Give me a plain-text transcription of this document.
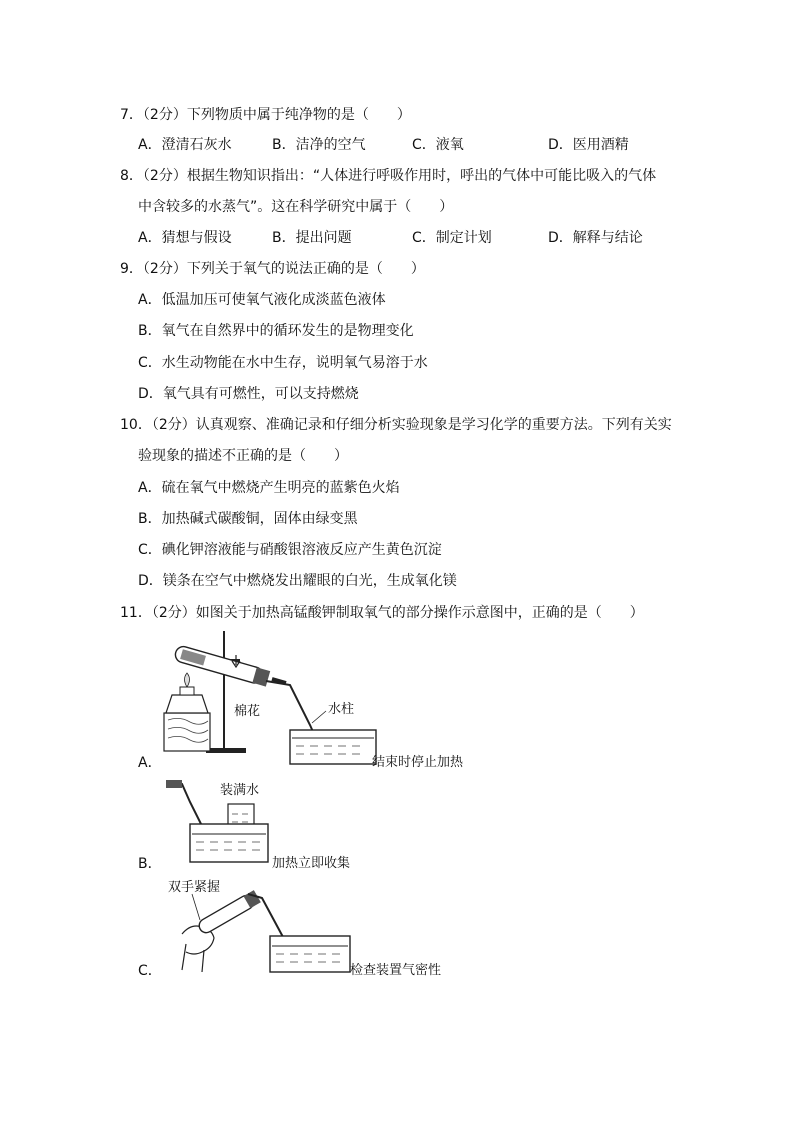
7．（2分）下列物质中属于纯净物的是（　　）
A．澄清石灰水	B．洁净的空气	C．液氧	D．医用酒精
8．（2分）根据生物知识指出：“人体进行呼吸作用时，呼出的气体中可能比吸入的气体
中含较多的水蒸气”。这在科学研究中属于（　　）
A．猜想与假设	B．提出问题	C．制定计划	D．解释与结论
9．（2分）下列关于氧气的说法正确的是（　　）
A．低温加压可使氧气液化成淡蓝色液体
B．氧气在自然界中的循环发生的是物理变化
C．水生动物能在水中生存，说明氧气易溶于水
D．氧气具有可燃性，可以支持燃烧
10．（2分）认真观察、准确记录和仔细分析实验现象是学习化学的重要方法。下列有关实
验现象的描述不正确的是（　　）
A．硫在氧气中燃烧产生明亮的蓝紫色火焰
B．加热碱式碳酸铜，固体由绿变黑
C．碘化钾溶液能与硝酸银溶液反应产生黄色沉淀
D．镁条在空气中燃烧发出耀眼的白光，生成氧化镁
11．（2分）如图关于加热高锰酸钾制取氧气的部分操作示意图中，正确的是（　　）
A．
棉花	水柱
结束时停止加热
B．
装满水
加热立即收集
C．
双手紧握
检查装置气密性
